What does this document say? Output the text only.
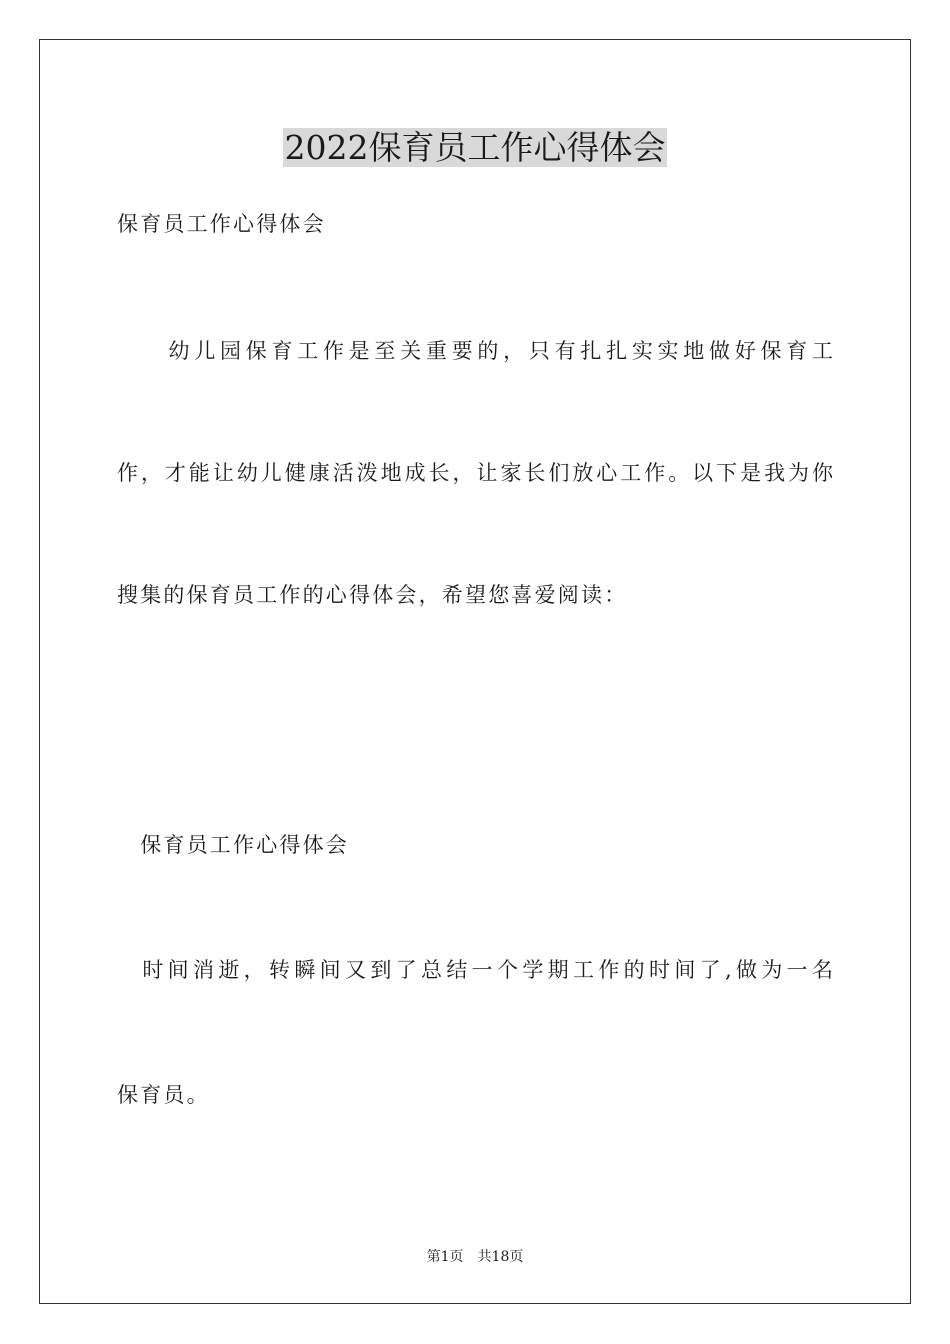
2022保育员工作心得体会
保育员工作心得体会
　　幼儿园保育工作是至关重要的，只有扎扎实实地做好保育工
作，才能让幼儿健康活泼地成长，让家长们放心工作。以下是我为你
搜集的保育员工作的心得体会，希望您喜爱阅读：
　保育员工作心得体会
　时间消逝，转瞬间又到了总结一个学期工作的时间了,做为一名
保育员。
第1页 共18页
